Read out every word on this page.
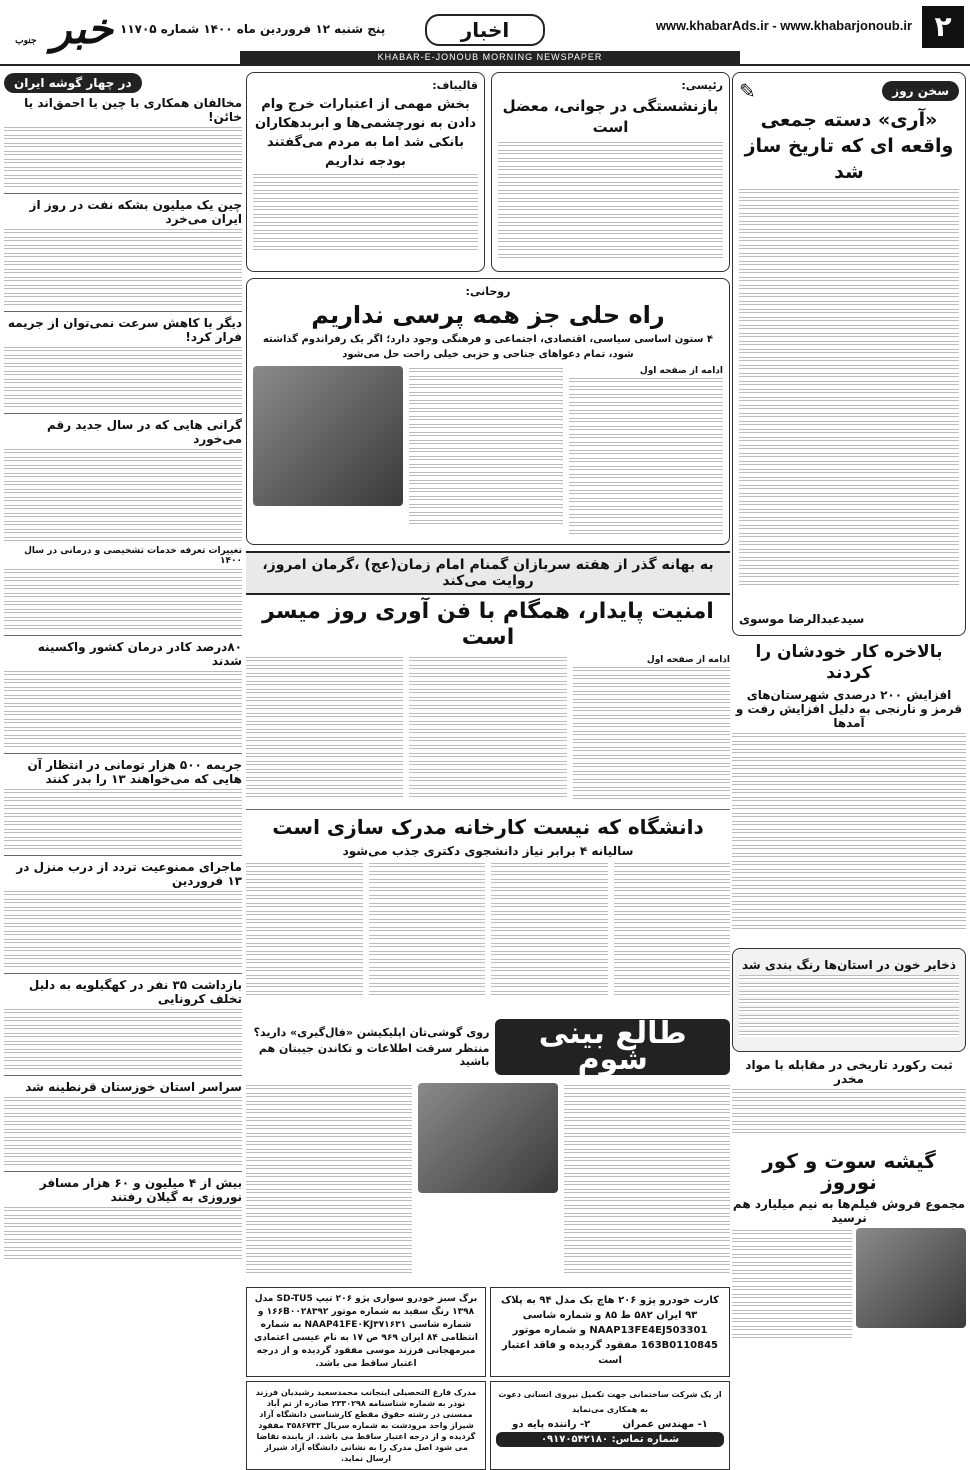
۲
www.khabarAds.ir - www.khabarjonoub.ir
اخبار
پنج شنبه ۱۲ فروردین ماه ۱۴۰۰ شماره ۱۱۷۰۵
خبر جنوب
KHABAR-E-JONOUB MORNING NEWSPAPER
سخن روز
✎
«آری» دسته جمعی واقعه ای که تاریخ ساز شد
سیدعبدالرضا موسوی
بالاخره کار خودشان را کردند
افزایش ۲۰۰ درصدی شهرستان‌های قرمز و نارنجی به دلیل افزایش رفت و آمدها
ذخایر خون در استان‌ها رنگ بندی شد
ثبت رکورد تاریخی در مقابله با مواد مخدر
گیشه سوت و کور نوروز
مجموع فروش فیلم‌ها به نیم میلیارد هم نرسید
در چهار گوشه ایران
مخالفان همکاری با چین یا احمق‌اند یا خائن!
چین یک میلیون بشکه نفت در روز از ایران می‌خرد
دیگر با کاهش سرعت نمی‌توان از جریمه فرار کرد!
گرانی هایی که در سال جدید رقم می‌خورد
تغییرات تعرفه خدمات تشخیصی و درمانی در سال ۱۴۰۰
۸۰درصد کادر درمان کشور واکسینه شدند
جریمه ۵۰۰ هزار تومانی در انتظار آن هایی که می‌خواهند ۱۳ را بدر کنند
ماجرای ممنوعیت تردد از درب منزل در ۱۳ فروردین
بازداشت ۳۵ نفر در کهگیلویه به دلیل تخلف کرونایی
سراسر استان خوزستان قرنطینه شد
بیش از ۴ میلیون و ۶۰ هزار مسافر نوروزی به گیلان رفتند
رئیسی:
بازنشستگی در جوانی، معضل است
قالیباف:
بخش مهمی از اعتبارات خرج وام دادن به نورچشمی‌ها و ابربدهکاران بانکی شد اما به مردم می‌گفتند بودجه نداریم
روحانی:
راه حلی جز همه پرسی نداریم
۴ ستون اساسی سیاسی، اقتصادی، اجتماعی و فرهنگی وجود دارد؛ اگر یک رفراندوم گذاشته شود، تمام دعواهای جناحی و حزبی خیلی راحت حل می‌شود
ادامه از صفحه اول
به بهانه گذر از هفته سربازان گمنام امام زمان(عج) ،گرمان امروز، روایت می‌کند
امنیت پایدار، همگام با فن آوری روز میسر است
ادامه از صفحه اول
دانشگاه که نیست کارخانه مدرک سازی است
سالیانه ۴ برابر نیاز دانشجوی دکتری جذب می‌شود
طالع بینی شوم
روی گوشی‌تان اپلیکیشن «فال‌گیری» دارید؟
منتظر سرقت اطلاعات و تکاندن جیبتان هم باشید
کارت خودرو پژو ۲۰۶ هاچ بک مدل ۹۴ به پلاک ۹۳ ایران ۵۸۲ ط ۸۵ و شماره شاسی NAAP13FE4EJ503301 و شماره موتور 163B0110845 مفقود گردیده و فاقد اعتبار است
برگ سبز خودرو سواری پژو ۲۰۶ تیپ SD-TU5 مدل ۱۳۹۸ رنگ سفید به شماره موتور ۱۶۶B۰۰۲۸۳۹۲ و شماره شاسی NAAP41FE۰KJ۳۷۱۶۳۱ به شماره انتظامی ۸۴ ایران ۹۶۹ ص ۱۷ به نام عیسی اعتمادی مبرمهجانی فرزند موسی مفقود گردیده و از درجه اعتبار ساقط می باشد.
از یک شرکت ساختمانی جهت تکمیل نیروی انسانی دعوت به همکاری می‌نماید
۱- مهندس عمران
۲- راننده پایه دو
شماره تماس: ۰۹۱۷۰۵۴۲۱۸۰
مدرک فارغ التحصیلی اینجانب محمدسعید رشیدیان فرزند نوذر به شماره شناسنامه ۲۳۳۰۲۹۸ صادره از تم آباد ممسنی در رشته حقوق مقطع کارشناسی دانشگاه آزاد شیراز واحد مرودشت به شماره سریال ۳۵۸۶۷۴۳ مفقود گردیده و از درجه اعتبار ساقط می باشد. از یابنده تقاضا می شود اصل مدرک را به نشانی دانشگاه آزاد شیراز ارسال نماید.
